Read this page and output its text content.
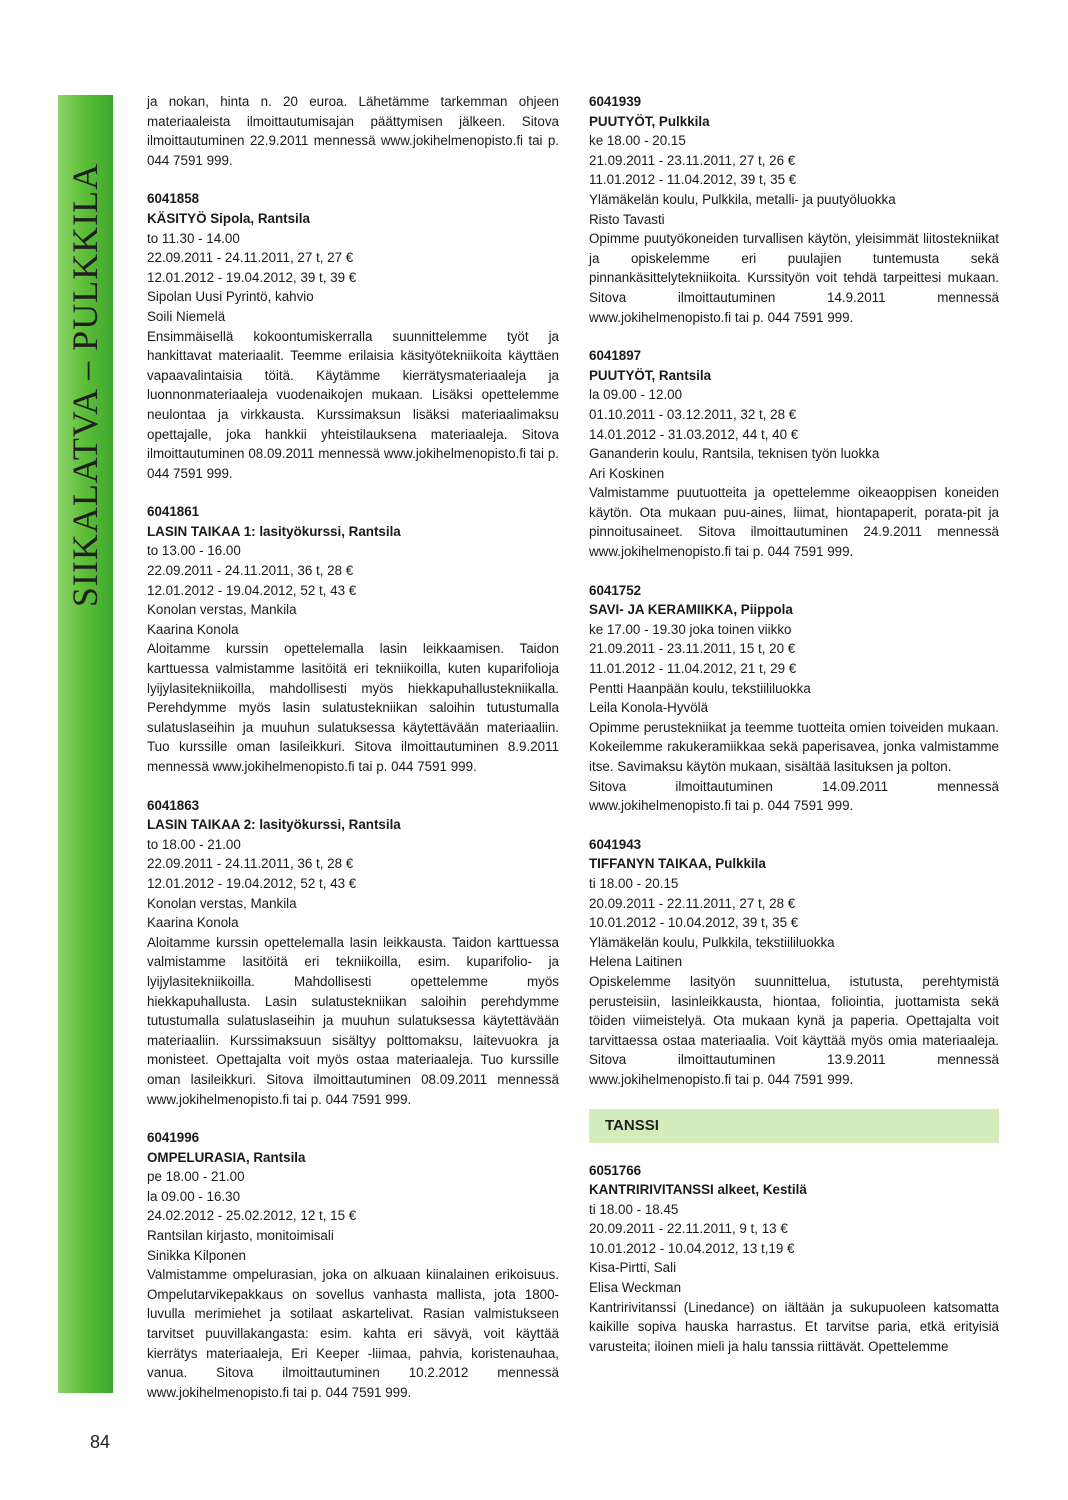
SIIKALATVA – PULKKILA
ja nokan, hinta n. 20 euroa. Lähetämme tarkemman ohjeen materiaaleista ilmoittautumisajan päättymisen jälkeen. Sitova ilmoittautuminen 22.9.2011 mennessä www.jokihelmenopisto.fi tai p. 044 7591 999.
6041858
KÄSITYÖ Sipola, Rantsila
to 11.30 - 14.00
22.09.2011 - 24.11.2011, 27 t, 27 €
12.01.2012 - 19.04.2012, 39 t, 39 €
Sipolan Uusi Pyrintö, kahvio
Soili Niemelä
Ensimmäisellä kokoontumiskerralla suunnittelemme työt ja hankittavat materiaalit. Teemme erilaisia käsityötekniikoita käyttäen vapaavalintaisia töitä. Käytämme kierrätysmateriaaleja ja luonnonmateriaaleja vuodenaikojen mukaan. Lisäksi opettelemme neulontaa ja virkkausta. Kurssimaksun lisäksi materiaalimaksu opettajalle, joka hankkii yhteistilauksena materiaaleja. Sitova ilmoittautuminen 08.09.2011 mennessä www.jokihelmenopisto.fi tai p. 044 7591 999.
6041861
LASIN TAIKAA 1: lasityökurssi, Rantsila
to 13.00 - 16.00
22.09.2011 - 24.11.2011, 36 t, 28 €
12.01.2012 - 19.04.2012, 52 t, 43 €
Konolan verstas, Mankila
Kaarina Konola
Aloitamme kurssin opettelemalla lasin leikkaamisen. Taidon karttuessa valmistamme lasitöitä eri tekniikoilla, kuten kuparifolioja lyijylasitekniikoilla, mahdollisesti myös hiekkapuhallustekniikalla. Perehdymme myös lasin sulatustekniikan saloihin tutustumalla sulatuslaseihin ja muuhun sulatuksessa käytettävään materiaaliin. Tuo kurssille oman lasileikkuri. Sitova ilmoittautuminen 8.9.2011 mennessä www.jokihelmenopisto.fi tai p. 044 7591 999.
6041863
LASIN TAIKAA 2: lasityökurssi, Rantsila
to 18.00 - 21.00
22.09.2011 - 24.11.2011, 36 t, 28 €
12.01.2012 - 19.04.2012, 52 t, 43 €
Konolan verstas, Mankila
Kaarina Konola
Aloitamme kurssin opettelemalla lasin leikkausta. Taidon karttuessa valmistamme lasitöitä eri tekniikoilla, esim. kuparifolio- ja lyijylasitekniikoilla. Mahdollisesti opettelemme myös hiekkapuhallusta. Lasin sulatustekniikan saloihin perehdymme tutustumalla sulatuslaseihin ja muuhun sulatuksessa käytettävään materiaaliin. Kurssimaksuun sisältyy polttomaksu, laitevuokra ja monisteet. Opettajalta voit myös ostaa materiaaleja. Tuo kurssille oman lasileikkuri. Sitova ilmoittautuminen 08.09.2011 mennessä www.jokihelmenopisto.fi tai p. 044 7591 999.
6041996
OMPELURASIA, Rantsila
pe 18.00 - 21.00
la 09.00 - 16.30
24.02.2012 - 25.02.2012, 12 t, 15 €
Rantsilan kirjasto, monitoimisali
Sinikka Kilponen
Valmistamme ompelurasian, joka on alkuaan kiinalainen erikoisuus. Ompelutarvikepakkaus on sovellus vanhasta mallista, jota 1800-luvulla merimiehet ja sotilaat askartelivat. Rasian valmistukseen tarvitset puuvillakangasta: esim. kahta eri sävyä, voit käyttää kierrätys materiaaleja, Eri Keeper -liimaa, pahvia, koristenauhaa, vanua. Sitova ilmoittautuminen 10.2.2012 mennessä www.jokihelmenopisto.fi tai p. 044 7591 999.
6041939
PUUTYÖT, Pulkkila
ke 18.00 - 20.15
21.09.2011 - 23.11.2011, 27 t, 26 €
11.01.2012 - 11.04.2012, 39 t, 35 €
Ylämäkelän koulu, Pulkkila, metalli- ja puutyöluokka
Risto Tavasti
Opimme puutyökoneiden turvallisen käytön, yleisimmät liitostekniikat ja opiskelemme eri puulajien tuntemusta sekä pinnankäsittelytekniikoita. Kurssityön voit tehdä tarpeittesi mukaan. Sitova ilmoittautuminen 14.9.2011 mennessä www.jokihelmenopisto.fi tai p. 044 7591 999.
6041897
PUUTYÖT, Rantsila
la 09.00 - 12.00
01.10.2011 - 03.12.2011, 32 t, 28 €
14.01.2012 - 31.03.2012, 44 t, 40 €
Gananderin koulu, Rantsila, teknisen työn luokka
Ari Koskinen
Valmistamme puutuotteita ja opettelemme oikeaoppisen koneiden käytön. Ota mukaan puu-aines, liimat, hiontapaperit, porata-pit ja pinnoitusaineet. Sitova ilmoittautuminen 24.9.2011 mennessä www.jokihelmenopisto.fi tai p. 044 7591 999.
6041752
SAVI- JA KERAMIIKKA, Piippola
ke 17.00 - 19.30 joka toinen viikko
21.09.2011 - 23.11.2011, 15 t, 20 €
11.01.2012 - 11.04.2012, 21 t, 29 €
Pentti Haanpään koulu, tekstiililuokka
Leila Konola-Hyvölä
Opimme perustekniikat ja teemme tuotteita omien toiveiden mukaan. Kokeilemme rakukeramiikkaa sekä paperisavea, jonka valmistamme itse. Savimaksu käytön mukaan, sisältää lasituksen ja polton.
Sitova ilmoittautuminen 14.09.2011 mennessä www.jokihelmenopisto.fi tai p. 044 7591 999.
6041943
TIFFANYN TAIKAA, Pulkkila
ti 18.00 - 20.15
20.09.2011 - 22.11.2011, 27 t, 28 €
10.01.2012 - 10.04.2012, 39 t, 35 €
Ylämäkelän koulu, Pulkkila, tekstiililuokka
Helena Laitinen
Opiskelemme lasityön suunnittelua, istutusta, perehtymistä perusteisiin, lasinleikkausta, hiontaa, foliointia, juottamista sekä töiden viimeistelyä. Ota mukaan kynä ja paperia. Opettajalta voit tarvittaessa ostaa materiaalia. Voit käyttää myös omia materiaaleja. Sitova ilmoittautuminen 13.9.2011 mennessä www.jokihelmenopisto.fi tai p. 044 7591 999.
TANSSI
6051766
KANTRIRIVITANSSI alkeet, Kestilä
ti 18.00 - 18.45
20.09.2011 - 22.11.2011, 9 t, 13 €
10.01.2012 - 10.04.2012, 13 t,19 €
Kisa-Pirtti, Sali
Elisa Weckman
Kantririvitanssi (Linedance) on iältään ja sukupuoleen katsomatta kaikille sopiva hauska harrastus. Et tarvitse paria, etkä erityisiä varusteita; iloinen mieli ja halu tanssia riittävät. Opettelemme
84
